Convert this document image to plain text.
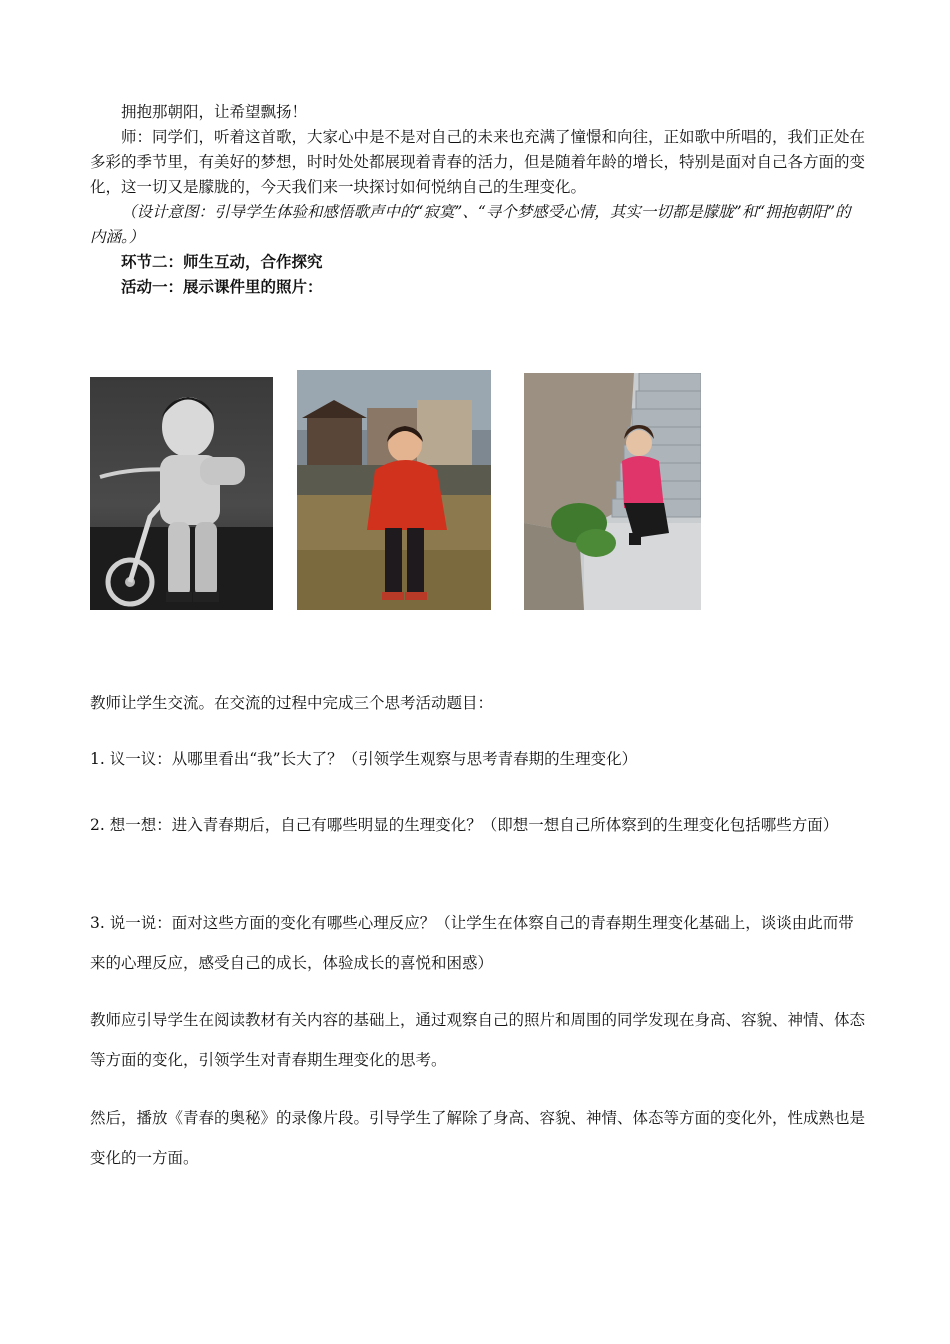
拥抱那朝阳，让希望飘扬！
师：同学们，听着这首歌，大家心中是不是对自己的未来也充满了憧憬和向往，正如歌中所唱的，我们正处在多彩的季节里，有美好的梦想，时时处处都展现着青春的活力，但是随着年龄的增长，特别是面对自己各方面的变化，这一切又是朦胧的，今天我们来一块探讨如何悦纳自己的生理变化。
（设计意图：引导学生体验和感悟歌声中的“寂寞”、“寻个梦感受心情，其实一切都是朦胧”和“拥抱朝阳”的内涵。）
环节二：师生互动，合作探究
活动一：展示课件里的照片：
教师让学生交流。在交流的过程中完成三个思考活动题目：
1. 议一议：从哪里看出“我”长大了？（引领学生观察与思考青春期的生理变化）
2. 想一想：进入青春期后，自己有哪些明显的生理变化？（即想一想自己所体察到的生理变化包括哪些方面）
3. 说一说：面对这些方面的变化有哪些心理反应？（让学生在体察自己的青春期生理变化基础上，谈谈由此而带来的心理反应，感受自己的成长，体验成长的喜悦和困惑）
教师应引导学生在阅读教材有关内容的基础上，通过观察自己的照片和周围的同学发现在身高、容貌、神情、体态等方面的变化，引领学生对青春期生理变化的思考。
然后，播放《青春的奥秘》的录像片段。引导学生了解除了身高、容貌、神情、体态等方面的变化外，性成熟也是变化的一方面。
